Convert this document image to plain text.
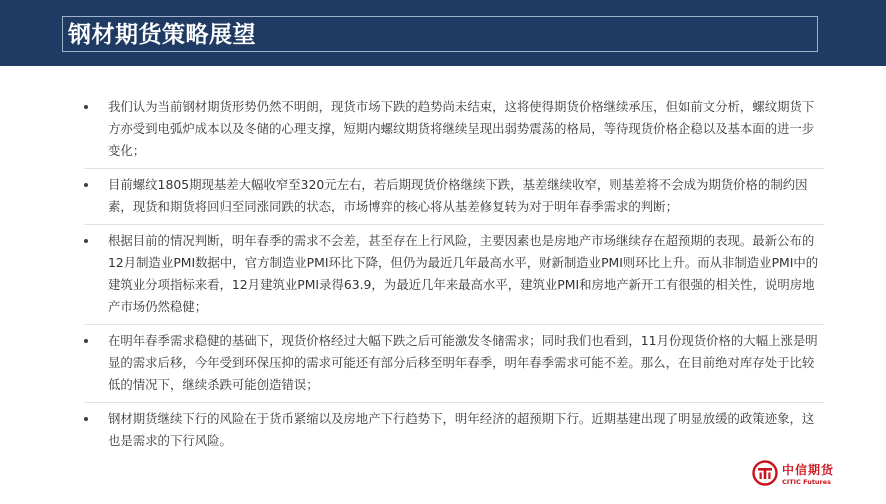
钢材期货策略展望
我们认为当前钢材期货形势仍然不明朗，现货市场下跌的趋势尚未结束，这将使得期货价格继续承压，但如前文分析，螺纹期货下方亦受到电弧炉成本以及冬储的心理支撑，短期内螺纹期货将继续呈现出弱势震荡的格局，等待现货价格企稳以及基本面的进一步变化；
目前螺纹1805期现基差大幅收窄至320元左右，若后期现货价格继续下跌，基差继续收窄，则基差将不会成为期货价格的制约因素，现货和期货将回归至同涨同跌的状态，市场博弈的核心将从基差修复转为对于明年春季需求的判断；
根据目前的情况判断，明年春季的需求不会差，甚至存在上行风险，主要因素也是房地产市场继续存在超预期的表现。最新公布的12月制造业PMI数据中，官方制造业PMI环比下降，但仍为最近几年最高水平，财新制造业PMI则环比上升。而从非制造业PMI中的建筑业分项指标来看，12月建筑业PMI录得63.9，为最近几年来最高水平，建筑业PMI和房地产新开工有很强的相关性，说明房地产市场仍然稳健；
在明年春季需求稳健的基础下，现货价格经过大幅下跌之后可能激发冬储需求；同时我们也看到，11月份现货价格的大幅上涨是明显的需求后移，今年受到环保压抑的需求可能还有部分后移至明年春季，明年春季需求可能不差。那么，在目前绝对库存处于比较低的情况下，继续杀跌可能创造错误；
钢材期货继续下行的风险在于货币紧缩以及房地产下行趋势下，明年经济的超预期下行。近期基建出现了明显放缓的政策迹象，这也是需求的下行风险。
中信期货
CITIC Futures
